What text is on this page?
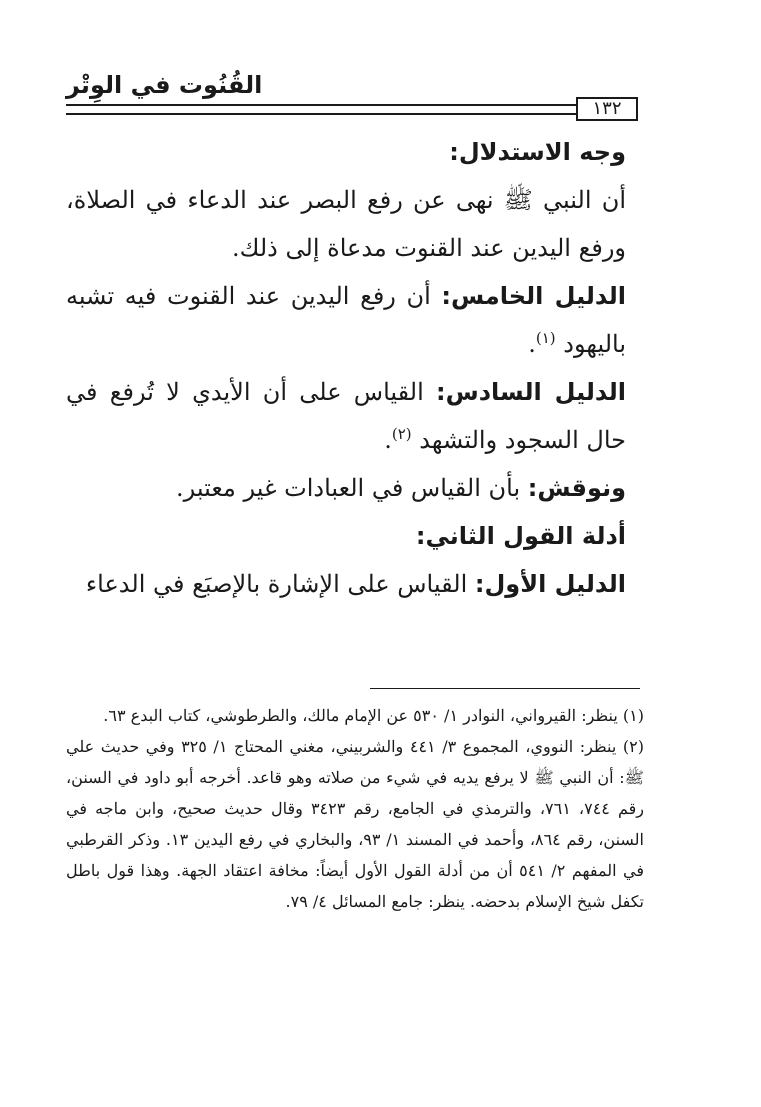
القُنُوت في الوِتْر
١٣٢

وجه الاستدلال:

أن النبي ﷺ نهى عن رفع البصر عند الدعاء في الصلاة، ورفع اليدين عند القنوت مدعاة إلى ذلك.

الدليل الخامس: أن رفع اليدين عند القنوت فيه تشبه باليهود $^{(١)}$.

الدليل السادس: القياس على أن الأيدي لا تُرفع في حال السجود والتشهد $^{(٢)}$.

ونوقش: بأن القياس في العبادات غير معتبر.

أدلة القول الثاني:

الدليل الأول: القياس على الإشارة بالإصبَع في الدعاء

(١) ينظر: القيرواني، النوادر ١/ ٥٣٠ عن الإمام مالك، والطرطوشي، كتاب البدع ٦٣.

(٢) ينظر: النووي، المجموع ٣/ ٤٤١ والشربيني، مغني المحتاج ١/ ٣٢٥ وفي حديث علي ﷺ: أن النبي ﷺ لا يرفع يديه في شيء من صلاته وهو قاعد. أخرجه أبو داود في السنن، رقم ٧٤٤، ٧٦١، والترمذي في الجامع، رقم ٣٤٢٣ وقال حديث صحيح، وابن ماجه في السنن، رقم ٨٦٤، وأحمد في المسند ١/ ٩٣، والبخاري في رفع اليدين ١٣. وذكر القرطبي في المفهم ٢/ ٥٤١ أن من أدلة القول الأول أيضاً: مخافة اعتقاد الجهة. وهذا قول باطل تكفل شيخ الإسلام بدحضه. ينظر: جامع المسائل ٤/ ٧٩.
